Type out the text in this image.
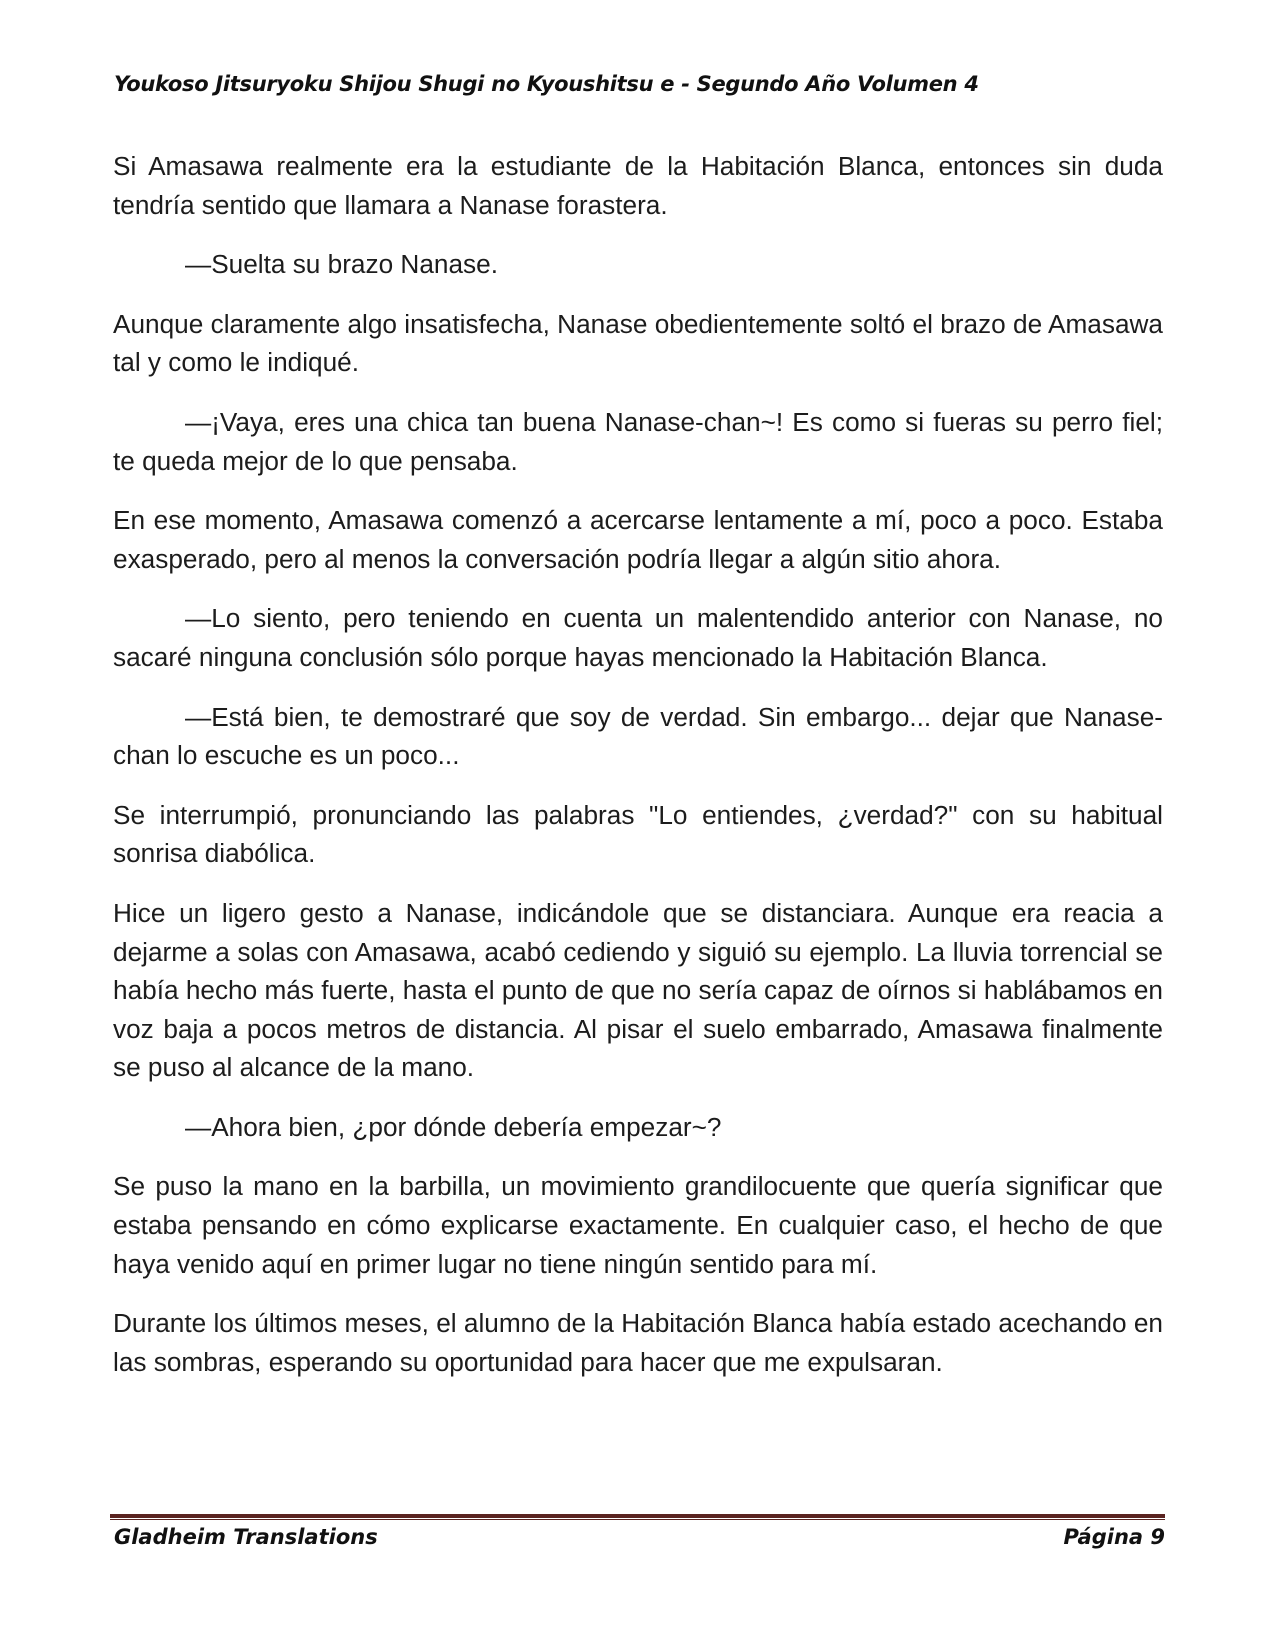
Youkoso Jitsuryoku Shijou Shugi no Kyoushitsu e - Segundo Año Volumen 4

Si Amasawa realmente era la estudiante de la Habitación Blanca, entonces sin duda tendría sentido que llamara a Nanase forastera.

—Suelta su brazo Nanase.

Aunque claramente algo insatisfecha, Nanase obedientemente soltó el brazo de Amasawa tal y como le indiqué.

—¡Vaya, eres una chica tan buena Nanase-chan~! Es como si fueras su perro fiel; te queda mejor de lo que pensaba.

En ese momento, Amasawa comenzó a acercarse lentamente a mí, poco a poco. Estaba exasperado, pero al menos la conversación podría llegar a algún sitio ahora.

—Lo siento, pero teniendo en cuenta un malentendido anterior con Nanase, no sacaré ninguna conclusión sólo porque hayas mencionado la Habitación Blanca.

—Está bien, te demostraré que soy de verdad. Sin embargo... dejar que Nanase-chan lo escuche es un poco...

Se interrumpió, pronunciando las palabras "Lo entiendes, ¿verdad?" con su habitual sonrisa diabólica.

Hice un ligero gesto a Nanase, indicándole que se distanciara. Aunque era reacia a dejarme a solas con Amasawa, acabó cediendo y siguió su ejemplo. La lluvia torrencial se había hecho más fuerte, hasta el punto de que no sería capaz de oírnos si hablábamos en voz baja a pocos metros de distancia. Al pisar el suelo embarrado, Amasawa finalmente se puso al alcance de la mano.

—Ahora bien, ¿por dónde debería empezar~?

Se puso la mano en la barbilla, un movimiento grandilocuente que quería significar que estaba pensando en cómo explicarse exactamente. En cualquier caso, el hecho de que haya venido aquí en primer lugar no tiene ningún sentido para mí.

Durante los últimos meses, el alumno de la Habitación Blanca había estado acechando en las sombras, esperando su oportunidad para hacer que me expulsaran.

Gladheim Translations	Página 9
